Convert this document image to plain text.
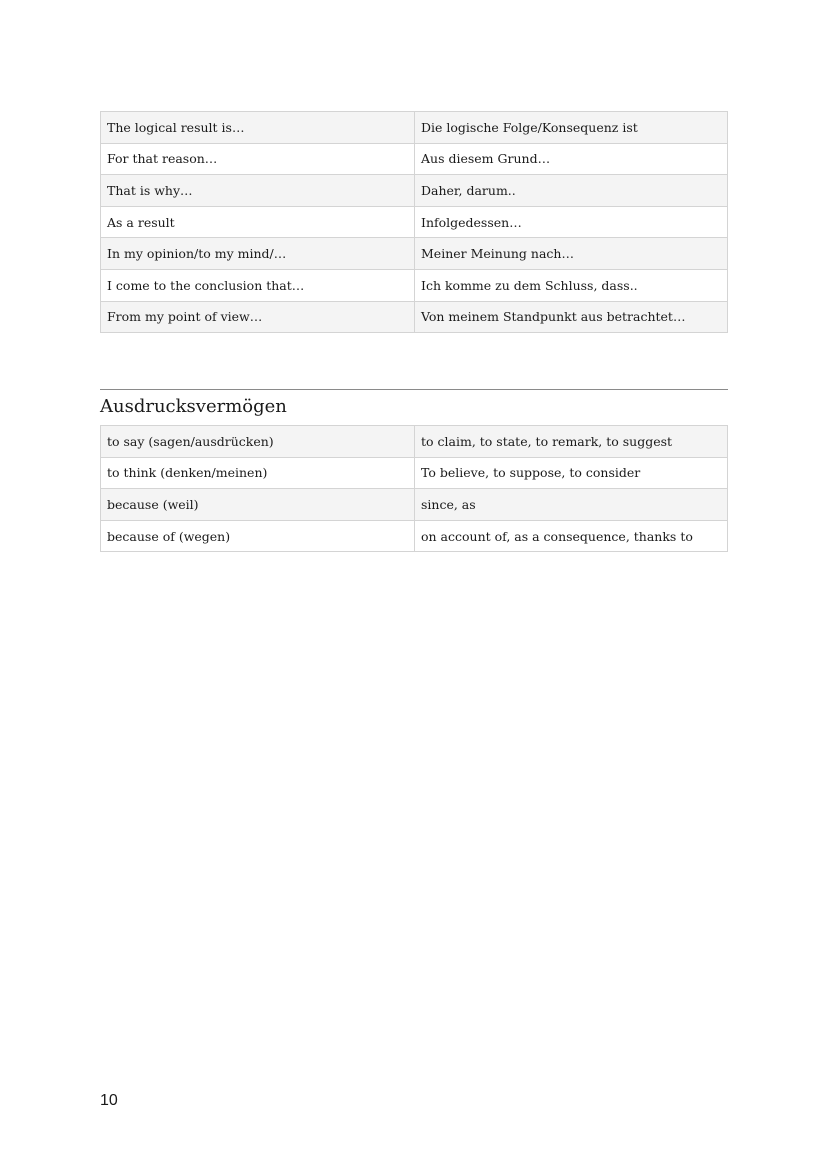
The logical result is…	Die logische Folge/Konsequenz ist
For that reason…	Aus diesem Grund…
That is why…	Daher, darum..
As a result	Infolgedessen…
In my opinion/to my mind/…	Meiner Meinung nach…
I come to the conclusion that…	Ich komme zu dem Schluss, dass..
From my point of view…	Von meinem Standpunkt aus betrachtet…
Ausdrucksvermögen
to say (sagen/ausdrücken)	to claim, to state, to remark, to suggest
to think (denken/meinen)	To believe, to suppose, to consider
because (weil)	since, as
because of (wegen)	on account of, as a consequence, thanks to
10
